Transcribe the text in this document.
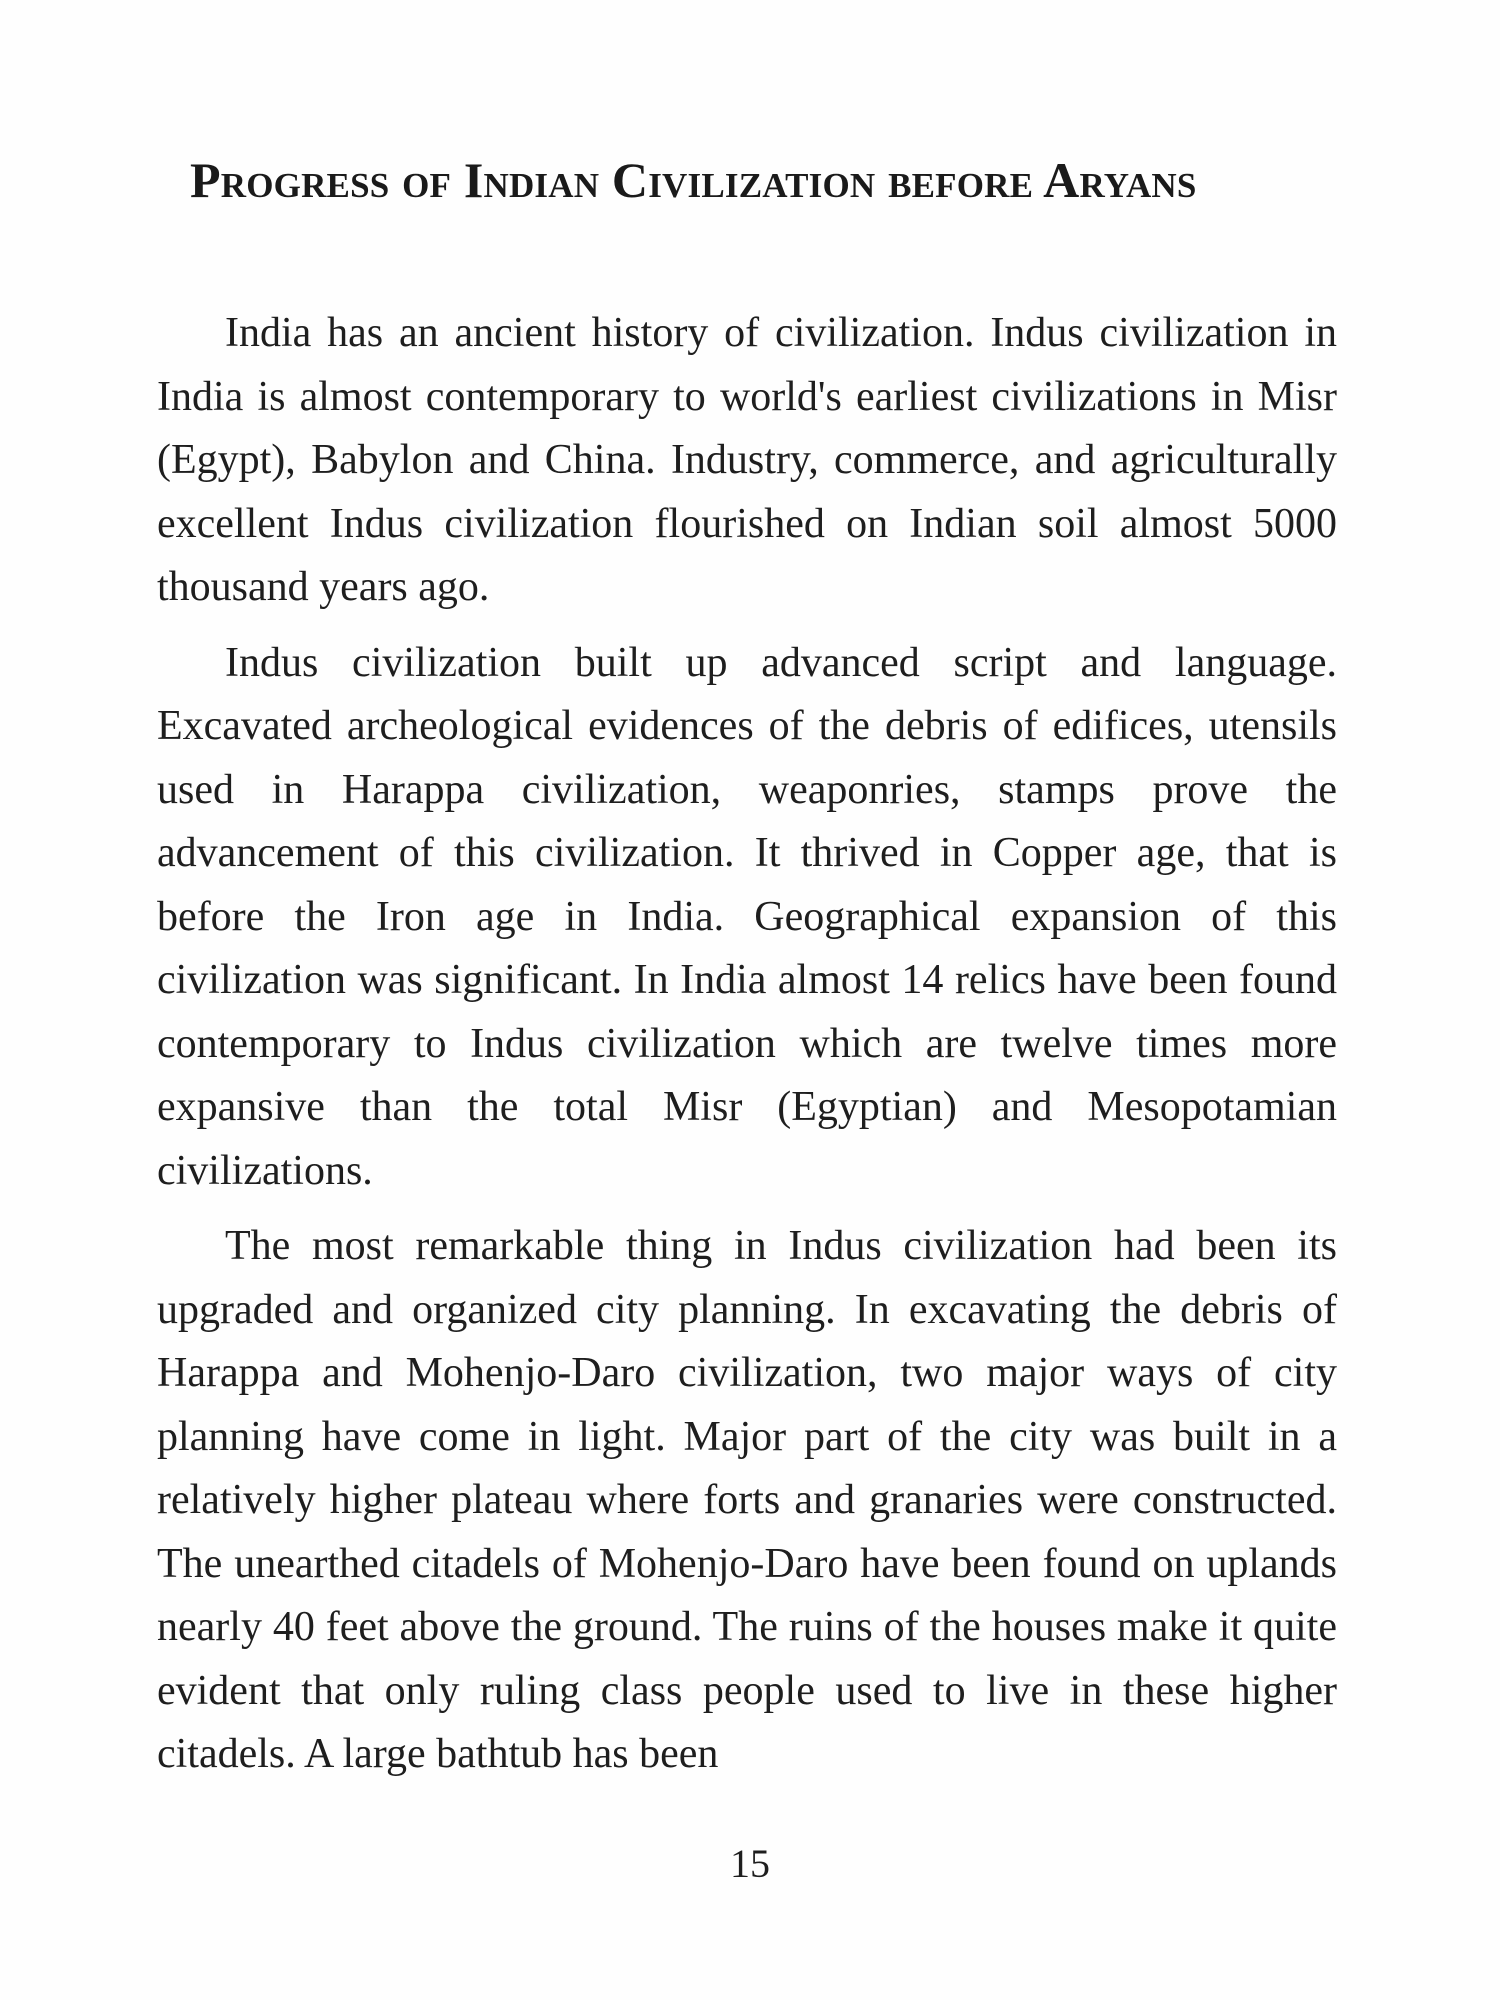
Progress of Indian Civilization before Aryans

India has an ancient history of civilization. Indus civilization in India is almost contemporary to world's earliest civilizations in Misr (Egypt), Babylon and China. Industry, commerce, and agriculturally excellent Indus civilization flourished on Indian soil almost 5000 thousand years ago.

Indus civilization built up advanced script and language. Excavated archeological evidences of the debris of edifices, utensils used in Harappa civilization, weaponries, stamps prove the advancement of this civilization. It thrived in Copper age, that is before the Iron age in India. Geographical expansion of this civilization was significant. In India almost 14 relics have been found contemporary to Indus civilization which are twelve times more expansive than the total Misr (Egyptian) and Mesopotamian civilizations.

The most remarkable thing in Indus civilization had been its upgraded and organized city planning. In excavating the debris of Harappa and Mohenjo-Daro civilization, two major ways of city planning have come in light. Major part of the city was built in a relatively higher plateau where forts and granaries were constructed. The unearthed citadels of Mohenjo-Daro have been found on uplands nearly 40 feet above the ground. The ruins of the houses make it quite evident that only ruling class people used to live in these higher citadels. A large bathtub has been

15
